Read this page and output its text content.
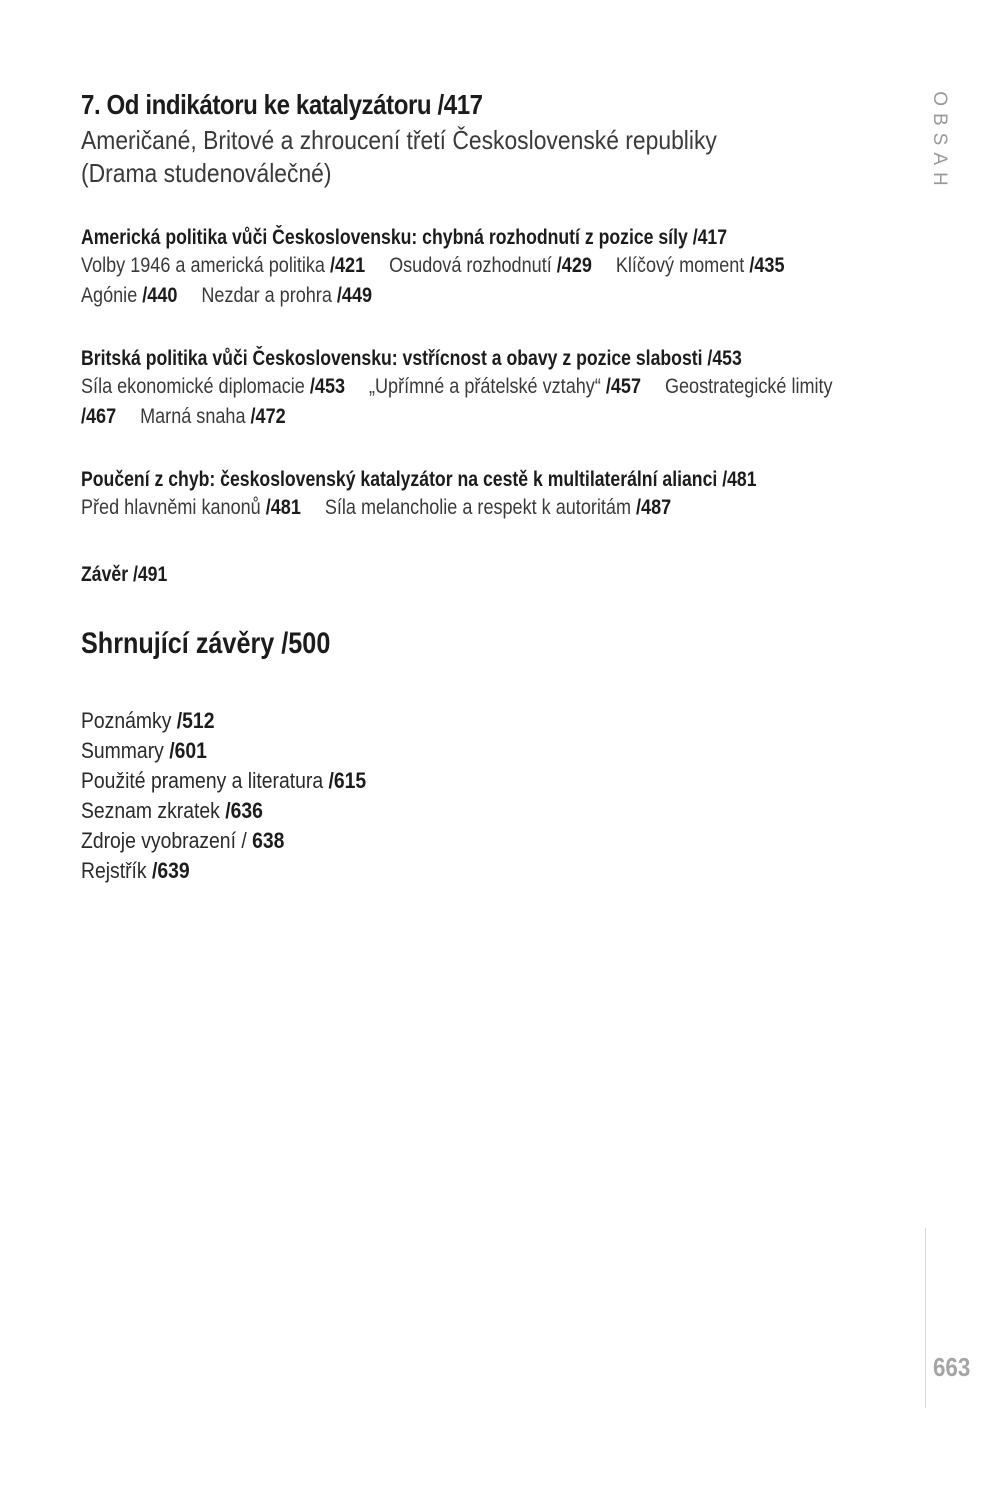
7. Od indikátoru ke katalyzátoru /417
Američané, Britové a zhroucení třetí Československé republiky (Drama studenoválečné)
Americká politika vůči Československu: chybná rozhodnutí z pozice síly /417
Volby 1946 a americká politika /421 Osudová rozhodnutí /429 Klíčový moment /435 Agónie /440 Nezdar a prohra /449
Britská politika vůči Československu: vstřícnost a obavy z pozice slabosti /453
Síla ekonomické diplomacie /453 „Upřímné a přátelské vztahy“ /457 Geostrategické limity /467 Marná snaha /472
Poučení z chyb: československý katalyzátor na cestě k multilaterální alianci /481
Před hlavněmi kanonů /481 Síla melancholie a respekt k autoritám /487
Závěr /491
Shrnující závěry /500
Poznámky /512
Summary /601
Použité prameny a literatura /615
Seznam zkratek /636
Zdroje vyobrazení / 638
Rejstřík /639
OBSAH
663
